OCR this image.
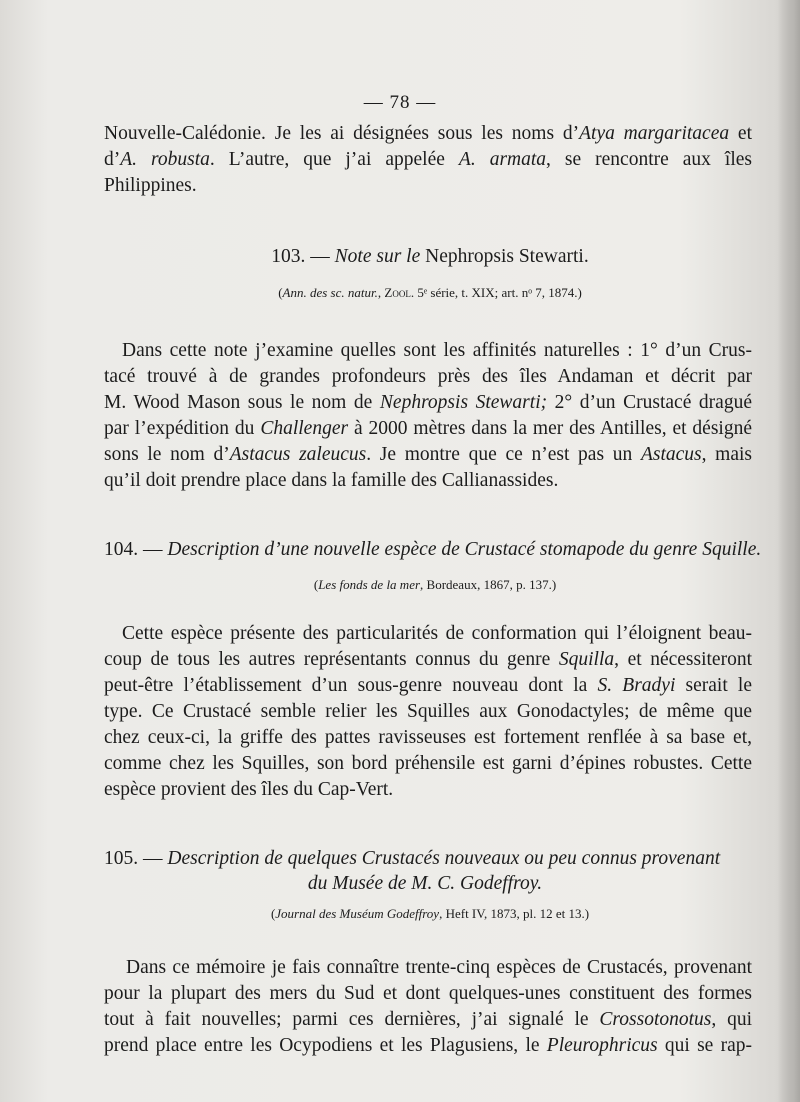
— 78 —
Nouvelle-Calédonie. Je les ai désignées sous les noms d’Atya margaritacea et
d’A. robusta. L’autre, que j’ai appelée A. armata, se rencontre aux îles
Philippines.
103. — Note sur le Nephropsis Stewarti.
(Ann. des sc. natur., Zool. 5ᵉ série, t. XIX; art. nᵒ 7, 1874.)
Dans cette note j’examine quelles sont les affinités naturelles : 1° d’un Crus-
tacé trouvé à de grandes profondeurs près des îles Andaman et décrit par
M. Wood Mason sous le nom de Nephropsis Stewarti; 2° d’un Crustacé dragué
par l’expédition du Challenger à 2000 mètres dans la mer des Antilles, et désigné
sons le nom d’Astacus zaleucus. Je montre que ce n’est pas un Astacus, mais
qu’il doit prendre place dans la famille des Callianassides.
104. — Description d’une nouvelle espèce de Crustacé stomapode du genre Squille.
(Les fonds de la mer, Bordeaux, 1867, p. 137.)
Cette espèce présente des particularités de conformation qui l’éloignent beau-
coup de tous les autres représentants connus du genre Squilla, et nécessiteront
peut-être l’établissement d’un sous-genre nouveau dont la S. Bradyi serait le
type. Ce Crustacé semble relier les Squilles aux Gonodactyles; de même que
chez ceux-ci, la griffe des pattes ravisseuses est fortement renflée à sa base et,
comme chez les Squilles, son bord préhensile est garni d’épines robustes. Cette
espèce provient des îles du Cap-Vert.
105. — Description de quelques Crustacés nouveaux ou peu connus provenant
du Musée de M. C. Godeffroy.
(Journal des Muséum Godeffroy, Heft IV, 1873, pl. 12 et 13.)
Dans ce mémoire je fais connaître trente-cinq espèces de Crustacés, provenant
pour la plupart des mers du Sud et dont quelques-unes constituent des formes
tout à fait nouvelles; parmi ces dernières, j’ai signalé le Crossotonotus, qui
prend place entre les Ocypodiens et les Plagusiens, le Pleurophricus qui se rap-
